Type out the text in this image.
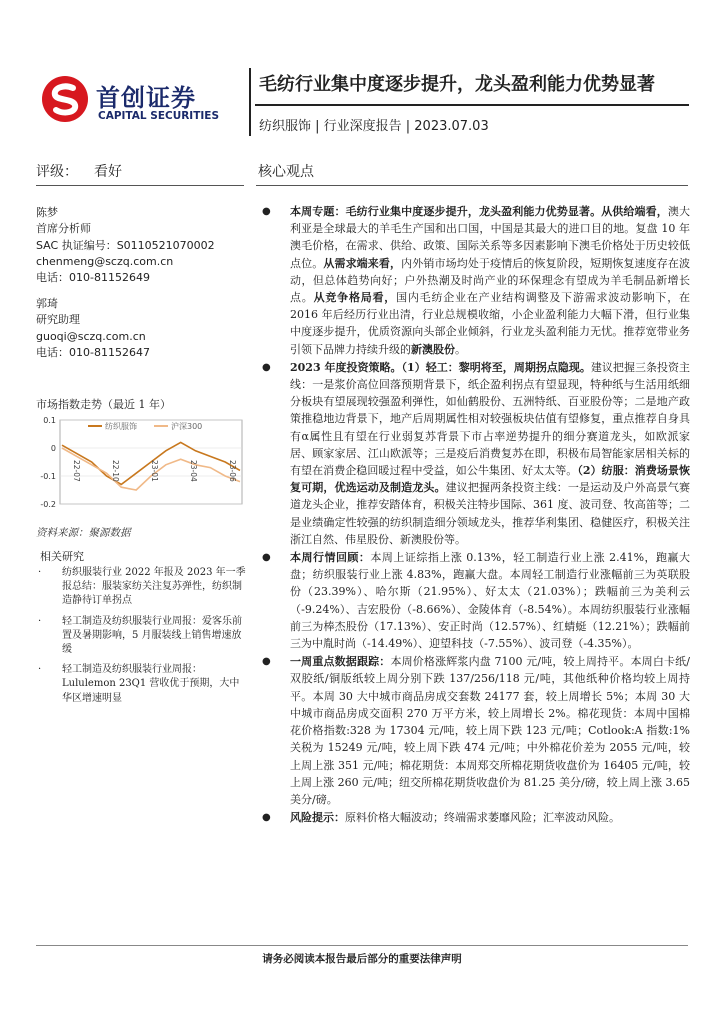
首创证券
CAPITAL SECURITIES
毛纺行业集中度逐步提升，龙头盈利能力优势显著
纺织服饰 | 行业深度报告 | 2023.07.03
评级： 看好	核心观点
陈梦
首席分析师
SAC 执证编号：S0110521070002
chenmeng@sczq.com.cn
电话：010-81152649
郭琦
研究助理
guoqi@sczq.com.cn
电话：010-81152647
市场指数走势（最近 1 年）
0.1
0
-0.1
-0.2
22-07	22-10	23-01	23-04	23-06
纺织服饰	沪深300
资料来源：聚源数据
相关研究
· 纺织服装行业 2022 年报及 2023 年一季报总结：服装家纺关注复苏弹性，纺织制造静待订单拐点
· 轻工制造及纺织服装行业周报：爱客乐前置及暑期影响，5 月服装线上销售增速放缓
· 轻工制造及纺织服装行业周报：Lululemon 23Q1 营收优于预期，大中华区增速明显
● 本周专题：毛纺行业集中度逐步提升，龙头盈利能力优势显著。从供给端看，澳大利亚是全球最大的羊毛生产国和出口国，中国是其最大的进口目的地。复盘 10 年澳毛价格，在需求、供给、政策、国际关系等多因素影响下澳毛价格处于历史较低点位。从需求端来看，内外销市场均处于疫情后的恢复阶段，短期恢复速度存在波动，但总体趋势向好；户外热潮及时尚产业的环保理念有望成为羊毛制品新增长点。从竞争格局看，国内毛纺企业在产业结构调整及下游需求波动影响下，在 2016 年后经历行业出清，行业总规模收缩，小企业盈利能力大幅下滑，但行业集中度逐步提升，优质资源向头部企业倾斜，行业龙头盈利能力无忧。推荐宽带业务引领下品牌力持续升级的新澳股份。
● 2023 年度投资策略。（1）轻工：黎明将至，周期拐点隐现。建议把握三条投资主线：一是浆价高位回落预期背景下，纸企盈利拐点有望显现，特种纸与生活用纸细分板块有望展现较强盈利弹性，如仙鹤股份、五洲特纸、百亚股份等；二是地产政策推稳地边背景下，地产后周期属性相对较强板块估值有望修复，重点推荐自身具有α属性且有望在行业弱复苏背景下市占率逆势提升的细分赛道龙头，如欧派家居、顾家家居、江山欧派等；三是疫后消费复苏在即，积极布局智能家居相关标的有望在消费企稳回暖过程中受益，如公牛集团、好太太等。（2）纺服：消费场景恢复可期，优选运动及制造龙头。建议把握两条投资主线：一是运动及户外高景气赛道龙头企业，推荐安踏体育，积极关注特步国际、361 度、波司登、牧高笛等；二是业绩确定性较强的纺织制造细分领域龙头，推荐华利集团、稳健医疗，积极关注浙江自然、伟星股份、新澳股份等。
● 本周行情回顾：本周上证综指上涨 0.13%，轻工制造行业上涨 2.41%，跑赢大盘；纺织服装行业上涨 4.83%，跑赢大盘。本周轻工制造行业涨幅前三为英联股份（23.39%）、哈尔斯（21.95%）、好太太（21.03%）；跌幅前三为美利云（-9.24%）、吉宏股份（-8.66%）、金陵体育（-8.54%）。本周纺织服装行业涨幅前三为棒杰股份（17.13%）、安正时尚（12.57%）、红蜻蜓（12.21%）；跌幅前三为中胤时尚（-14.49%）、迎望科技（-7.55%）、波司登（-4.35%）。
● 一周重点数据跟踪：本周价格涨辉浆内盘 7100 元/吨，较上周持平。本周白卡纸/双胶纸/铜版纸较上周分别下跌 137/256/118 元/吨，其他纸种价格均较上周持平。本周 30 大中城市商品房成交套数 24177 套，较上周增长 5%；本周 30 大中城市商品房成交面积 270 万平方米，较上周增长 2%。棉花现货：本周中国棉花价格指数:328 为 17304 元/吨，较上周下跌 123 元/吨；Cotlook:A 指数:1%关税为 15249 元/吨，较上周下跌 474 元/吨；中外棉花价差为 2055 元/吨，较上周上涨 351 元/吨；棉花期货：本周郑交所棉花期货收盘价为 16405 元/吨，较上周上涨 260 元/吨；纽交所棉花期货收盘价为 81.25 美分/磅，较上周上涨 3.65 美分/磅。
● 风险提示：原料价格大幅波动；终端需求萎靡风险；汇率波动风险。
请务必阅读本报告最后部分的重要法律声明
